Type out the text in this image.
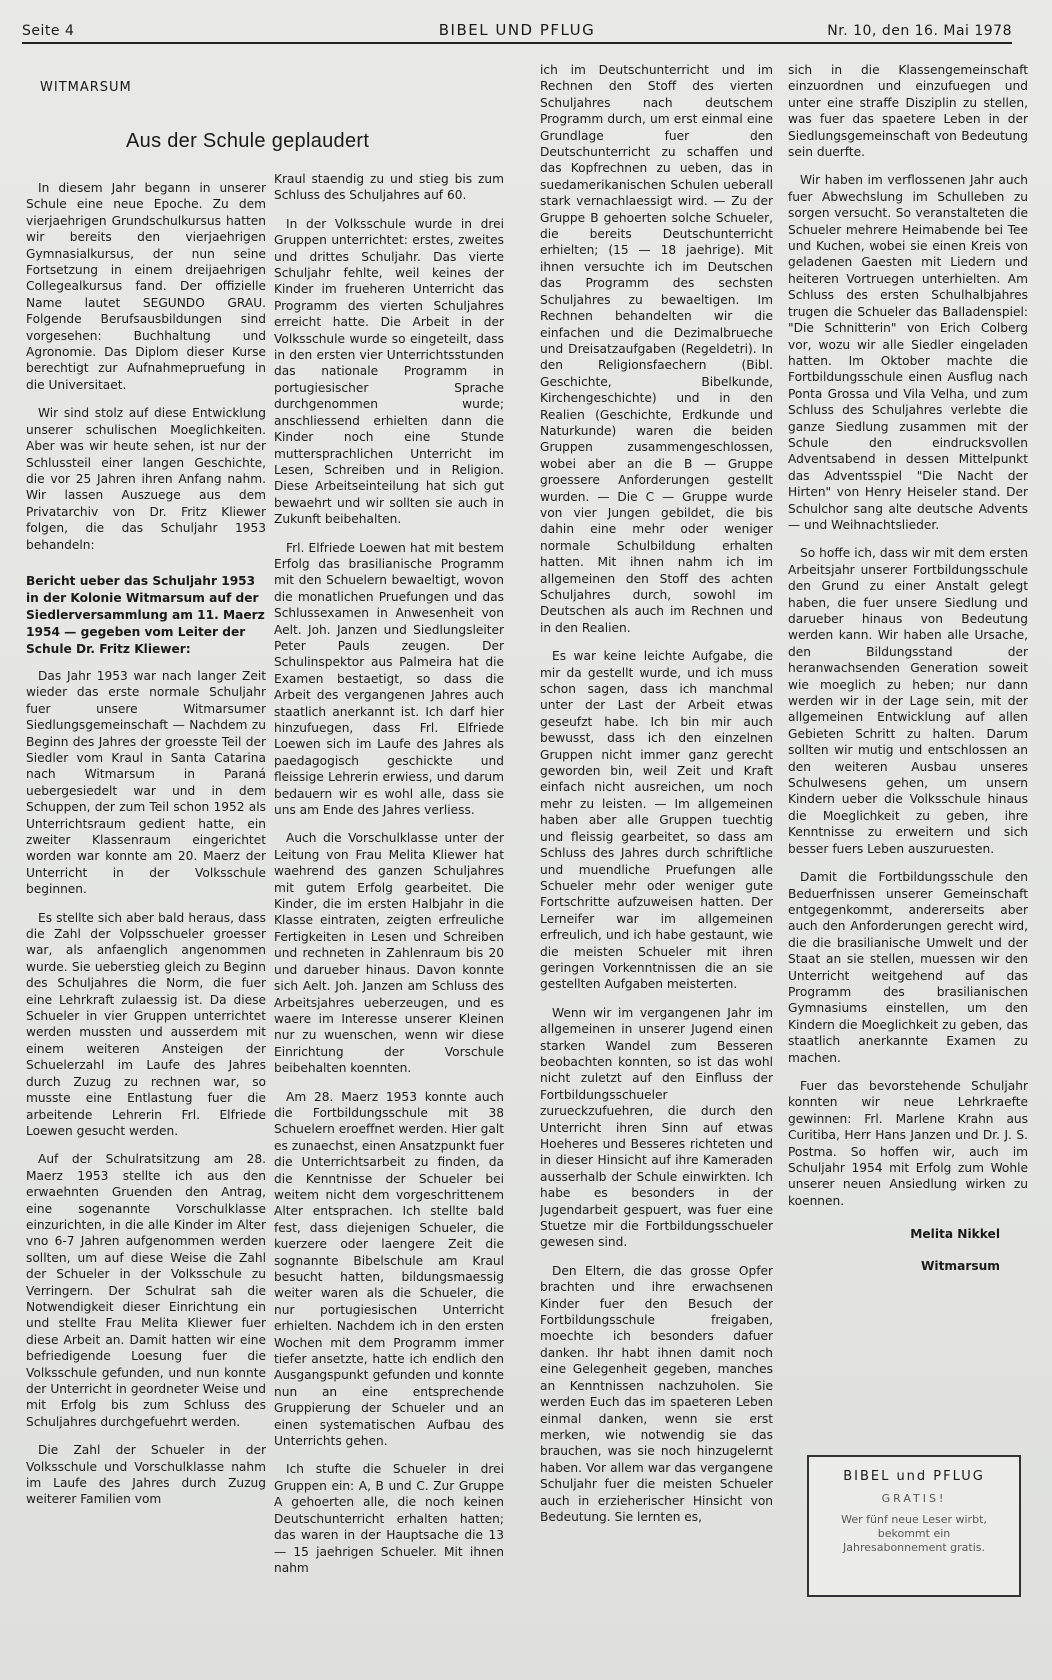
Seite 4	BIBEL UND PFLUG	Nr. 10, den 16. Mai 1978
WITMARSUM
Aus der Schule geplaudert

In diesem Jahr begann in unserer Schule eine neue Epoche. Zu dem vierjaehrigen Grundschulkursus hatten wir bereits den vierjaehrigen Gymnasialkursus, der nun seine Fortsetzung in einem dreijaehrigen Collegealkursus fand. Der offizielle Name lautet SEGUNDO GRAU. Folgende Berufsausbildungen sind vorgesehen: Buchhaltung und Agronomie. Das Diplom dieser Kurse berechtigt zur Aufnahmepruefung in die Universitaet.

Wir sind stolz auf diese Entwicklung unserer schulischen Moeglichkeiten. Aber was wir heute sehen, ist nur der Schlussteil einer langen Geschichte, die vor 25 Jahren ihren Anfang nahm. Wir lassen Auszuege aus dem Privatarchiv von Dr. Fritz Kliewer folgen, die das Schuljahr 1953 behandeln:

Bericht ueber das Schuljahr 1953 in der Kolonie Witmarsum auf der Siedlerversammlung am 11. Maerz 1954 — gegeben vom Leiter der Schule Dr. Fritz Kliewer:

Das Jahr 1953 war nach langer Zeit wieder das erste normale Schuljahr fuer unsere Witmarsumer Siedlungsgemeinschaft — Nachdem zu Beginn des Jahres der groesste Teil der Siedler vom Kraul in Santa Catarina nach Witmarsum in Paraná uebergesiedelt war und in dem Schuppen, der zum Teil schon 1952 als Unterrichtsraum gedient hatte, ein zweiter Klassenraum eingerichtet worden war konnte am 20. Maerz der Unterricht in der Volksschule beginnen.

Es stellte sich aber bald heraus, dass die Zahl der Volpsschueler groesser war, als anfaenglich angenommen wurde. Sie ueberstieg gleich zu Beginn des Schuljahres die Norm, die fuer eine Lehrkraft zulaessig ist. Da diese Schueler in vier Gruppen unterrichtet werden mussten und ausserdem mit einem weiteren Ansteigen der Schuelerzahl im Laufe des Jahres durch Zuzug zu rechnen war, so musste eine Entlastung fuer die arbeitende Lehrerin Frl. Elfriede Loewen gesucht werden.

Auf der Schulratsitzung am 28. Maerz 1953 stellte ich aus den erwaehnten Gruenden den Antrag, eine sogenannte Vorschulklasse einzurichten, in die alle Kinder im Alter vno 6-7 Jahren aufgenommen werden sollten, um auf diese Weise die Zahl der Schueler in der Volksschule zu Verringern. Der Schulrat sah die Notwendigkeit dieser Einrichtung ein und stellte Frau Melita Kliewer fuer diese Arbeit an. Damit hatten wir eine befriedigende Loesung fuer die Volksschule gefunden, und nun konnte der Unterricht in geordneter Weise und mit Erfolg bis zum Schluss des Schuljahres durchgefuehrt werden.

Die Zahl der Schueler in der Volksschule und Vorschulklasse nahm im Laufe des Jahres durch Zuzug weiterer Familien vom

Kraul staendig zu und stieg bis zum Schluss des Schuljahres auf 60.

In der Volksschule wurde in drei Gruppen unterrichtet: erstes, zweites und drittes Schuljahr. Das vierte Schuljahr fehlte, weil keines der Kinder im frueheren Unterricht das Programm des vierten Schuljahres erreicht hatte. Die Arbeit in der Volksschule wurde so eingeteilt, dass in den ersten vier Unterrichtsstunden das nationale Programm in portugiesischer Sprache durchgenommen wurde; anschliessend erhielten dann die Kinder noch eine Stunde muttersprachlichen Unterricht im Lesen, Schreiben und in Religion. Diese Arbeitseinteilung hat sich gut bewaehrt und wir sollten sie auch in Zukunft beibehalten.

Frl. Elfriede Loewen hat mit bestem Erfolg das brasilianische Programm mit den Schuelern bewaeltigt, wovon die monatlichen Pruefungen und das Schlussexamen in Anwesenheit von Aelt. Joh. Janzen und Siedlungsleiter Peter Pauls zeugen. Der Schulinspektor aus Palmeira hat die Examen bestaetigt, so dass die Arbeit des vergangenen Jahres auch staatlich anerkannt ist. Ich darf hier hinzufuegen, dass Frl. Elfriede Loewen sich im Laufe des Jahres als paedagogisch geschickte und fleissige Lehrerin erwiess, und darum bedauern wir es wohl alle, dass sie uns am Ende des Jahres verliess.

Auch die Vorschulklasse unter der Leitung von Frau Melita Kliewer hat waehrend des ganzen Schuljahres mit gutem Erfolg gearbeitet. Die Kinder, die im ersten Halbjahr in die Klasse eintraten, zeigten erfreuliche Fertigkeiten in Lesen und Schreiben und rechneten in Zahlenraum bis 20 und darueber hinaus. Davon konnte sich Aelt. Joh. Janzen am Schluss des Arbeitsjahres ueberzeugen, und es waere im Interesse unserer Kleinen nur zu wuenschen, wenn wir diese Einrichtung der Vorschule beibehalten koennten.

Am 28. Maerz 1953 konnte auch die Fortbildungsschule mit 38 Schuelern eroeffnet werden. Hier galt es zunaechst, einen Ansatzpunkt fuer die Unterrichtsarbeit zu finden, da die Kenntnisse der Schueler bei weitem nicht dem vorgeschrittenem Alter entsprachen. Ich stellte bald fest, dass diejenigen Schueler, die kuerzere oder laengere Zeit die sognannte Bibelschule am Kraul besucht hatten, bildungsmaessig weiter waren als die Schueler, die nur portugiesischen Unterricht erhielten. Nachdem ich in den ersten Wochen mit dem Programm immer tiefer ansetzte, hatte ich endlich den Ausgangspunkt gefunden und konnte nun an eine entsprechende Gruppierung der Schueler und an einen systematischen Aufbau des Unterrichts gehen.

Ich stufte die Schueler in drei Gruppen ein: A, B und C. Zur Gruppe A gehoerten alle, die noch keinen Deutschunterricht erhalten hatten; das waren in der Hauptsache die 13 — 15 jaehrigen Schueler. Mit ihnen nahm

ich im Deutschunterricht und im Rechnen den Stoff des vierten Schuljahres nach deutschem Programm durch, um erst einmal eine Grundlage fuer den Deutschunterricht zu schaffen und das Kopfrechnen zu ueben, das in suedamerikanischen Schulen ueberall stark vernachlaessigt wird. — Zu der Gruppe B gehoerten solche Schueler, die bereits Deutschunterricht erhielten; (15 — 18 jaehrige). Mit ihnen versuchte ich im Deutschen das Programm des sechsten Schuljahres zu bewaeltigen. Im Rechnen behandelten wir die einfachen und die Dezimalbrueche und Dreisatzaufgaben (Regeldetri). In den Religionsfaechern (Bibl. Geschichte, Bibelkunde, Kirchengeschichte) und in den Realien (Geschichte, Erdkunde und Naturkunde) waren die beiden Gruppen zusammengeschlossen, wobei aber an die B — Gruppe groessere Anforderungen gestellt wurden. — Die C — Gruppe wurde von vier Jungen gebildet, die bis dahin eine mehr oder weniger normale Schulbildung erhalten hatten. Mit ihnen nahm ich im allgemeinen den Stoff des achten Schuljahres durch, sowohl im Deutschen als auch im Rechnen und in den Realien.

Es war keine leichte Aufgabe, die mir da gestellt wurde, und ich muss schon sagen, dass ich manchmal unter der Last der Arbeit etwas geseufzt habe. Ich bin mir auch bewusst, dass ich den einzelnen Gruppen nicht immer ganz gerecht geworden bin, weil Zeit und Kraft einfach nicht ausreichen, um noch mehr zu leisten. — Im allgemeinen haben aber alle Gruppen tuechtig und fleissig gearbeitet, so dass am Schluss des Jahres durch schriftliche und muendliche Pruefungen alle Schueler mehr oder weniger gute Fortschritte aufzuweisen hatten. Der Lerneifer war im allgemeinen erfreulich, und ich habe gestaunt, wie die meisten Schueler mit ihren geringen Vorkenntnissen die an sie gestellten Aufgaben meisterten.

Wenn wir im vergangenen Jahr im allgemeinen in unserer Jugend einen starken Wandel zum Besseren beobachten konnten, so ist das wohl nicht zuletzt auf den Einfluss der Fortbildungsschueler zurueckzufuehren, die durch den Unterricht ihren Sinn auf etwas Hoeheres und Besseres richteten und in dieser Hinsicht auf ihre Kameraden ausserhalb der Schule einwirkten. Ich habe es besonders in der Jugendarbeit gespuert, was fuer eine Stuetze mir die Fortbildungsschueler gewesen sind.

Den Eltern, die das grosse Opfer brachten und ihre erwachsenen Kinder fuer den Besuch der Fortbildungsschule freigaben, moechte ich besonders dafuer danken. Ihr habt ihnen damit noch eine Gelegenheit gegeben, manches an Kenntnissen nachzuholen. Sie werden Euch das im spaeteren Leben einmal danken, wenn sie erst merken, wie notwendig sie das brauchen, was sie noch hinzugelernt haben. Vor allem war das vergangene Schuljahr fuer die meisten Schueler auch in erzieherischer Hinsicht von Bedeutung. Sie lernten es,

sich in die Klassengemeinschaft einzuordnen und einzufuegen und unter eine straffe Disziplin zu stellen, was fuer das spaetere Leben in der Siedlungsgemeinschaft von Bedeutung sein duerfte.

Wir haben im verflossenen Jahr auch fuer Abwechslung im Schulleben zu sorgen versucht. So veranstalteten die Schueler mehrere Heimabende bei Tee und Kuchen, wobei sie einen Kreis von geladenen Gaesten mit Liedern und heiteren Vortruegen unterhielten. Am Schluss des ersten Schulhalbjahres trugen die Schueler das Balladenspiel: "Die Schnitterin" von Erich Colberg vor, wozu wir alle Siedler eingeladen hatten. Im Oktober machte die Fortbildungsschule einen Ausflug nach Ponta Grossa und Vila Velha, und zum Schluss des Schuljahres verlebte die ganze Siedlung zusammen mit der Schule den eindrucksvollen Adventsabend in dessen Mittelpunkt das Adventsspiel "Die Nacht der Hirten" von Henry Heiseler stand. Der Schulchor sang alte deutsche Advents — und Weihnachtslieder.

So hoffe ich, dass wir mit dem ersten Arbeitsjahr unserer Fortbildungsschule den Grund zu einer Anstalt gelegt haben, die fuer unsere Siedlung und darueber hinaus von Bedeutung werden kann. Wir haben alle Ursache, den Bildungsstand der heranwachsenden Generation soweit wie moeglich zu heben; nur dann werden wir in der Lage sein, mit der allgemeinen Entwicklung auf allen Gebieten Schritt zu halten. Darum sollten wir mutig und entschlossen an den weiteren Ausbau unseres Schulwesens gehen, um unsern Kindern ueber die Volksschule hinaus die Moeglichkeit zu geben, ihre Kenntnisse zu erweitern und sich besser fuers Leben auszuruesten.

Damit die Fortbildungsschule den Beduerfnissen unserer Gemeinschaft entgegenkommt, andererseits aber auch den Anforderungen gerecht wird, die die brasilianische Umwelt und der Staat an sie stellen, muessen wir den Unterricht weitgehend auf das Programm des brasilianischen Gymnasiums einstellen, um den Kindern die Moeglichkeit zu geben, das staatlich anerkannte Examen zu machen.

Fuer das bevorstehende Schuljahr konnten wir neue Lehrkraefte gewinnen: Frl. Marlene Krahn aus Curitiba, Herr Hans Janzen und Dr. J. S. Postma. So hoffen wir, auch im Schuljahr 1954 mit Erfolg zum Wohle unserer neuen Ansiedlung wirken zu koennen.

Melita Nikkel
Witmarsum
BIBEL und PFLUG
GRATIS!
Wer fünf neue Leser wirbt, bekommt ein Jahresabonnement gratis.
